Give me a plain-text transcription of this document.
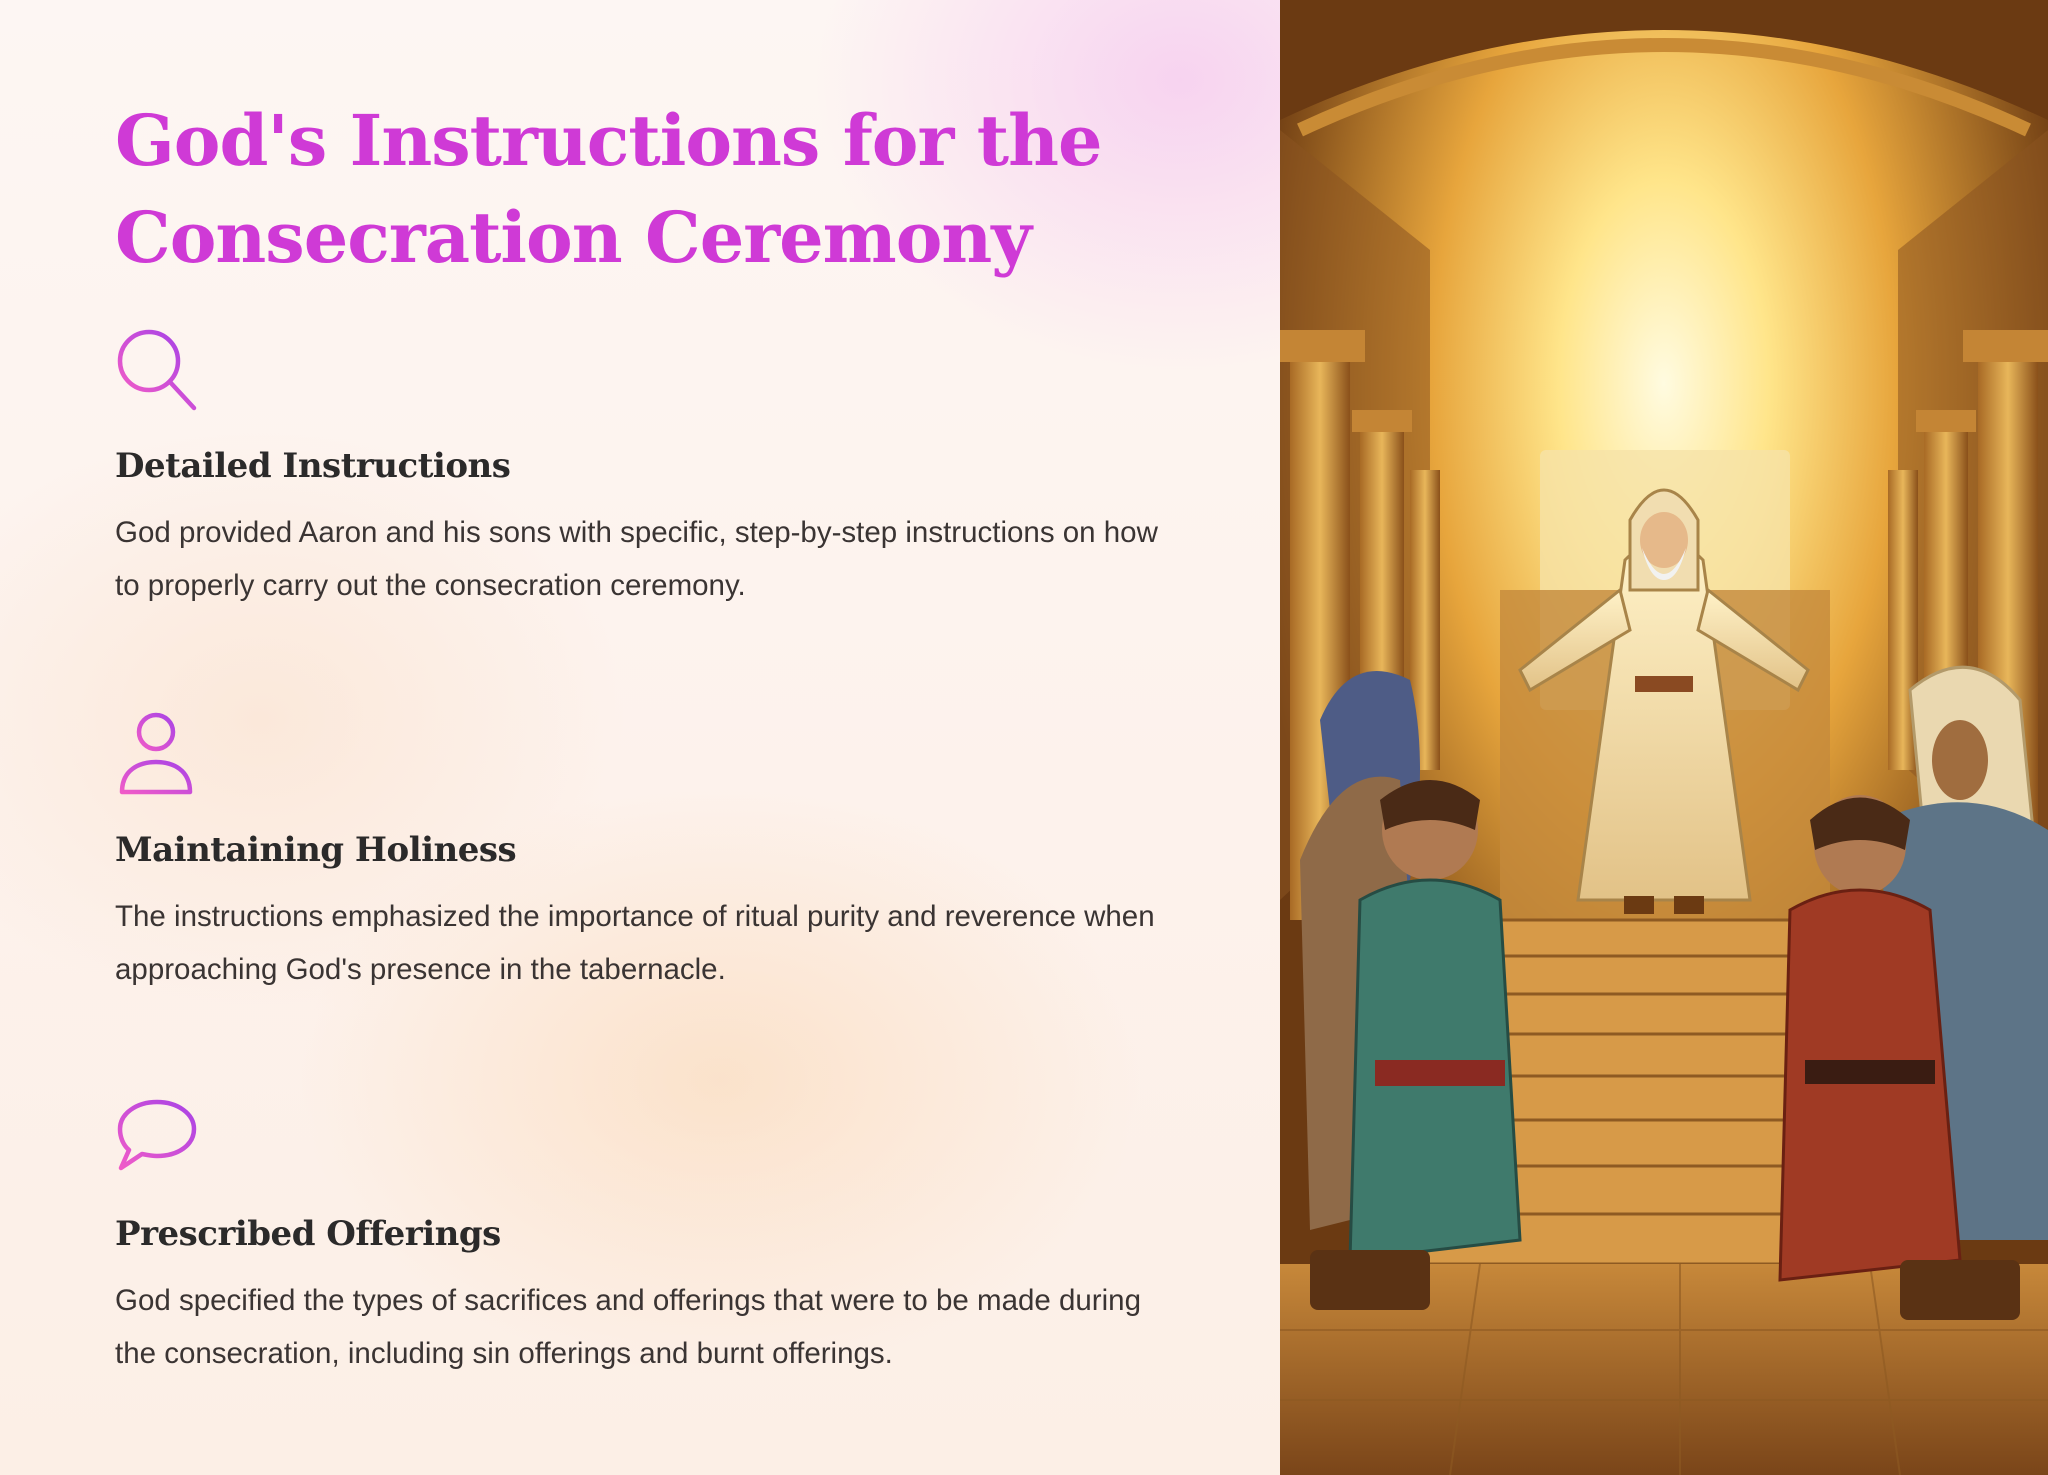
God's Instructions for the Consecration Ceremony
Detailed Instructions

God provided Aaron and his sons with specific, step-by-step instructions on how to properly carry out the consecration ceremony.

Maintaining Holiness

The instructions emphasized the importance of ritual purity and reverence when approaching God's presence in the tabernacle.

Prescribed Offerings

God specified the types of sacrifices and offerings that were to be made during the consecration, including sin offerings and burnt offerings.
